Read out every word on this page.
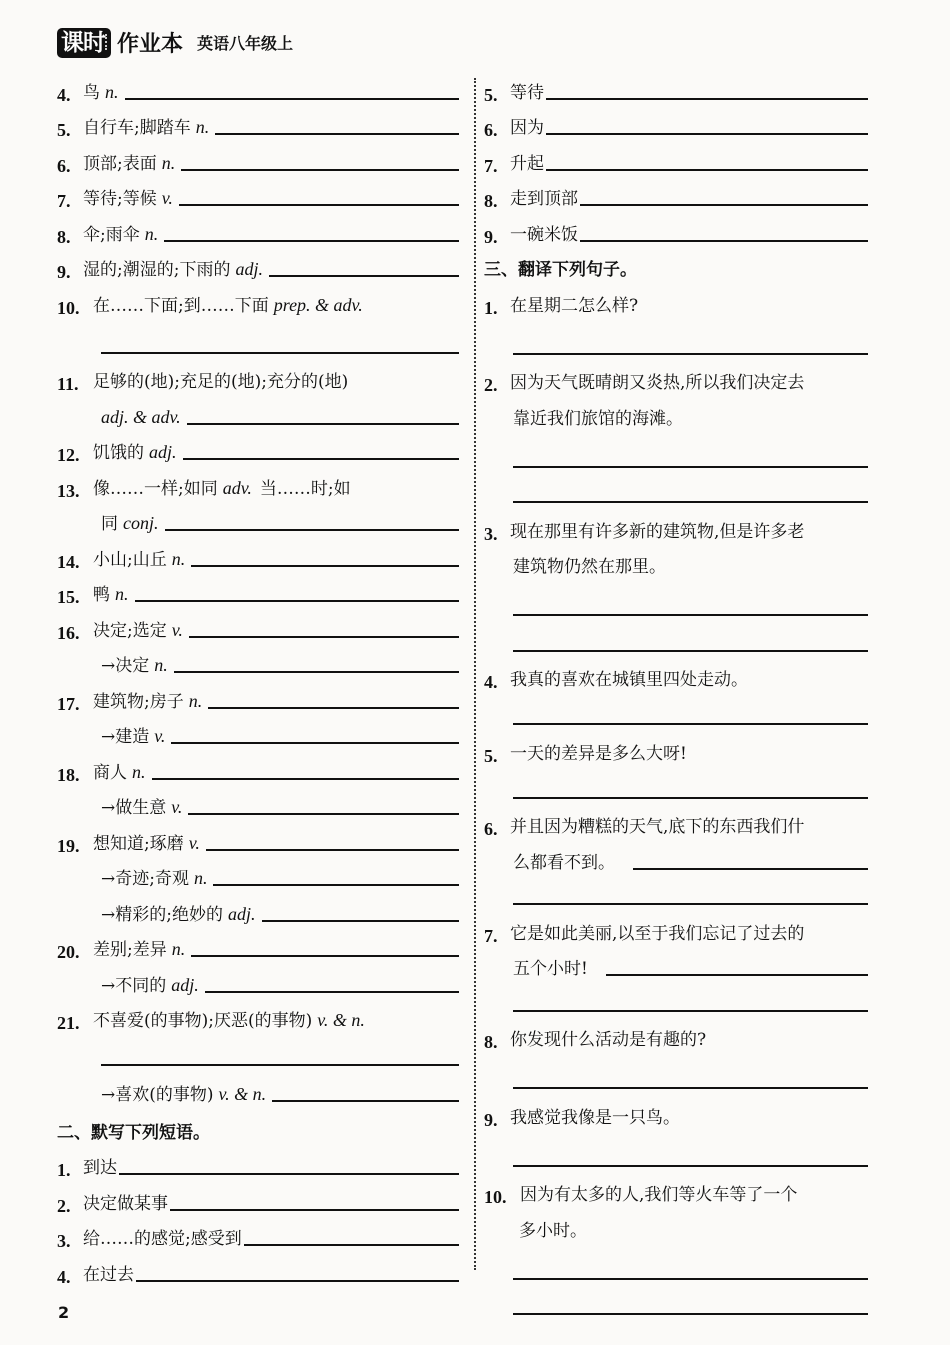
课时 作业本 英语八年级上
4. 鸟 n.
5. 自行车;脚踏车 n.
6. 顶部;表面 n.
7. 等待;等候 v.
8. 伞;雨伞 n.
9. 湿的;潮湿的;下雨的 adj.
10. 在……下面;到……下面 prep. & adv.
11. 足够的(地);充足的(地);充分的(地)
adj. & adv.
12. 饥饿的 adj.
13. 像……一样;如同 adv. 当……时;如
同 conj.
14. 小山;山丘 n.
15. 鸭 n.
16. 决定;选定 v.
→决定 n.
17. 建筑物;房子 n.
→建造 v.
18. 商人 n.
→做生意 v.
19. 想知道;琢磨 v.
→奇迹;奇观 n.
→精彩的;绝妙的 adj.
20. 差别;差异 n.
→不同的 adj.
21. 不喜爱(的事物);厌恶(的事物) v. & n.
→喜欢(的事物) v. & n.
二、默写下列短语。
1. 到达
2. 决定做某事
3. 给……的感觉;感受到
4. 在过去
5. 等待
6. 因为
7. 升起
8. 走到顶部
9. 一碗米饭
三、翻译下列句子。
1. 在星期二怎么样?
2. 因为天气既晴朗又炎热,所以我们决定去
靠近我们旅馆的海滩。
3. 现在那里有许多新的建筑物,但是许多老
建筑物仍然在那里。
4. 我真的喜欢在城镇里四处走动。
5. 一天的差异是多么大呀!
6. 并且因为糟糕的天气,底下的东西我们什
么都看不到。
7. 它是如此美丽,以至于我们忘记了过去的
五个小时!
8. 你发现什么活动是有趣的?
9. 我感觉我像是一只鸟。
10. 因为有太多的人,我们等火车等了一个
多小时。
2
